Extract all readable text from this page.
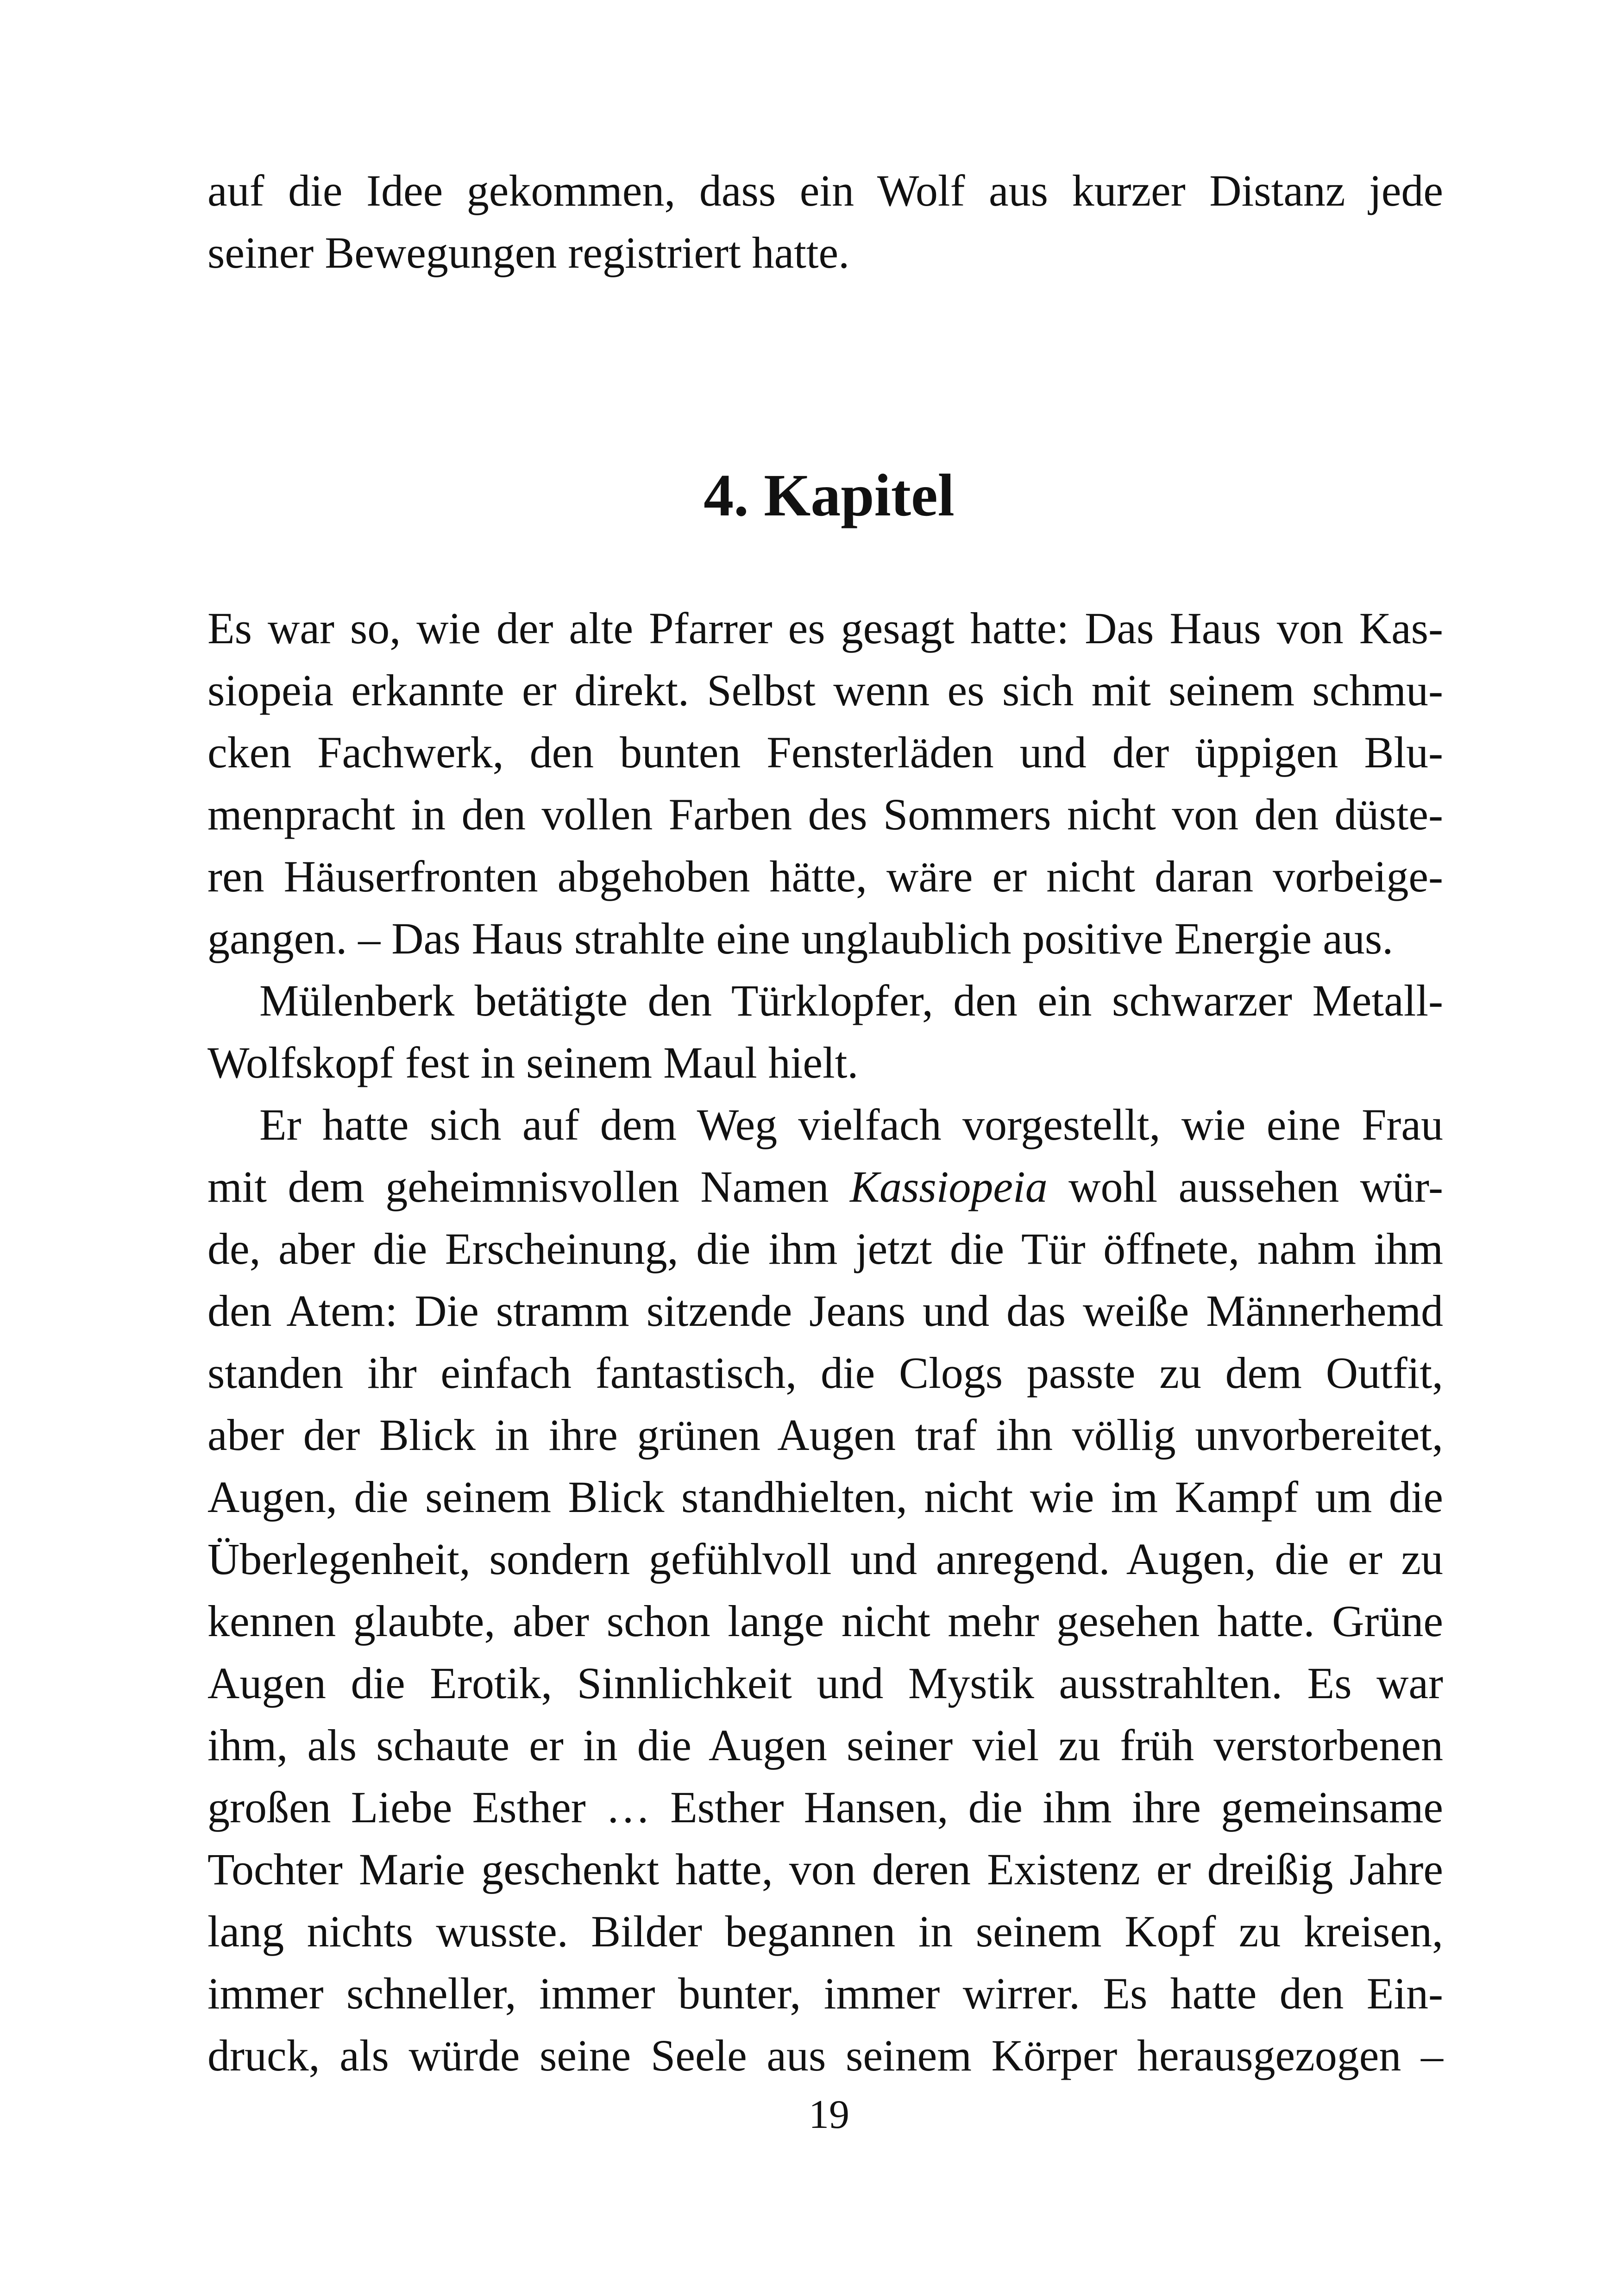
auf die Idee gekommen, dass ein Wolf aus kurzer Distanz jede
seiner Bewegungen registriert hatte.
4. Kapitel
Es war so, wie der alte Pfarrer es gesagt hatte: Das Haus von Kas-
siopeia erkannte er direkt. Selbst wenn es sich mit seinem schmu-
cken Fachwerk, den bunten Fensterläden und der üppigen Blu-
menpracht in den vollen Farben des Sommers nicht von den düste-
ren Häuserfronten abgehoben hätte, wäre er nicht daran vorbeige-
gangen. – Das Haus strahlte eine unglaublich positive Energie aus.
Mülenberk betätigte den Türklopfer, den ein schwarzer Metall-
Wolfskopf fest in seinem Maul hielt.
Er hatte sich auf dem Weg vielfach vorgestellt, wie eine Frau
mit dem geheimnisvollen Namen Kassiopeia wohl aussehen wür-
de, aber die Erscheinung, die ihm jetzt die Tür öffnete, nahm ihm
den Atem: Die stramm sitzende Jeans und das weiße Männerhemd
standen ihr einfach fantastisch, die Clogs passte zu dem Outfit,
aber der Blick in ihre grünen Augen traf ihn völlig unvorbereitet,
Augen, die seinem Blick standhielten, nicht wie im Kampf um die
Überlegenheit, sondern gefühlvoll und anregend. Augen, die er zu
kennen glaubte, aber schon lange nicht mehr gesehen hatte. Grüne
Augen die Erotik, Sinnlichkeit und Mystik ausstrahlten. Es war
ihm, als schaute er in die Augen seiner viel zu früh verstorbenen
großen Liebe Esther … Esther Hansen, die ihm ihre gemeinsame
Tochter Marie geschenkt hatte, von deren Existenz er dreißig Jahre
lang nichts wusste. Bilder begannen in seinem Kopf zu kreisen,
immer schneller, immer bunter, immer wirrer. Es hatte den Ein-
druck, als würde seine Seele aus seinem Körper herausgezogen –
19
